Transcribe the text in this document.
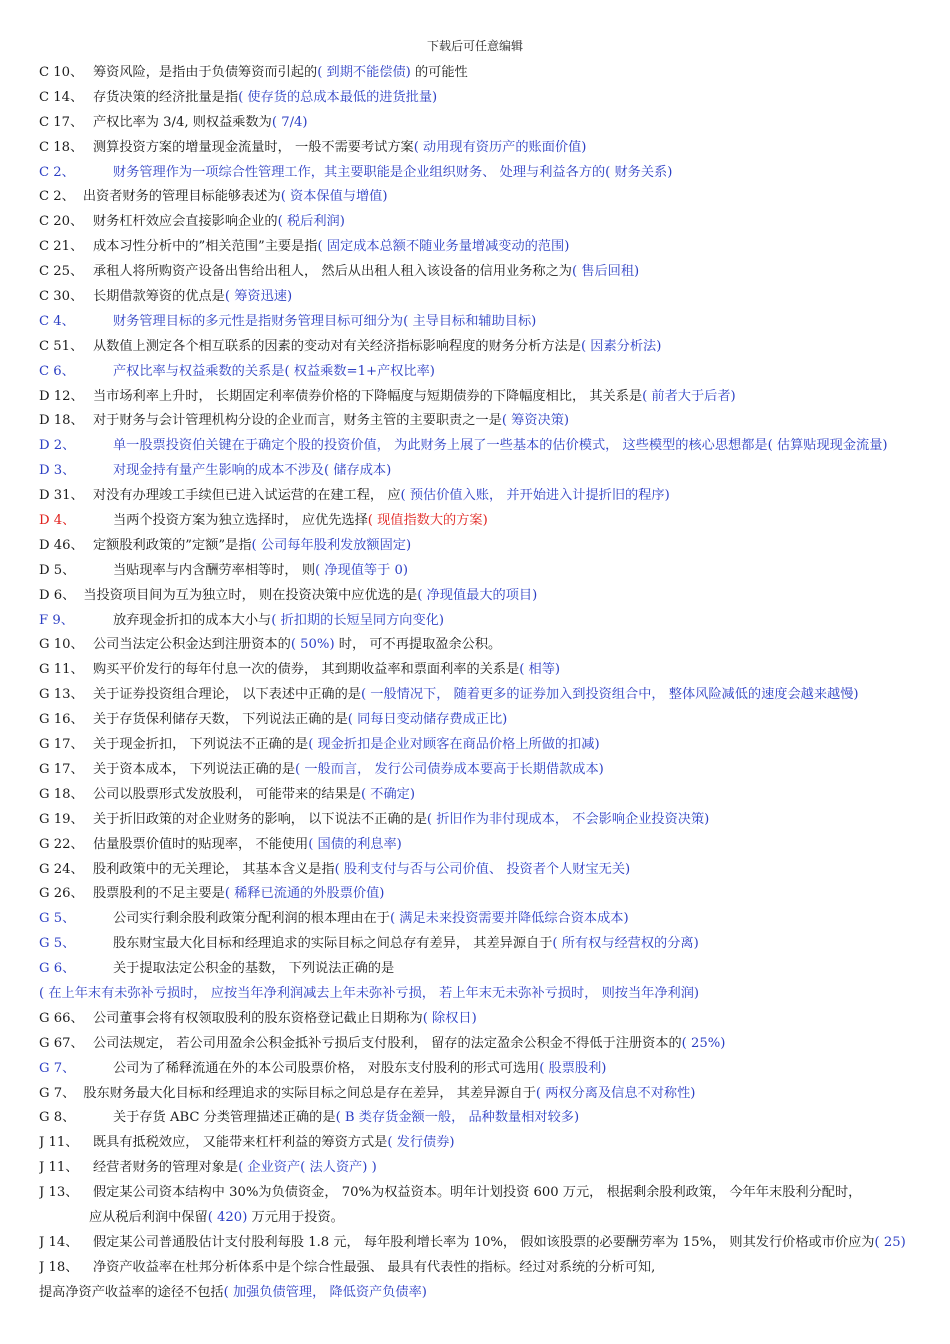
下载后可任意编辑
C 10、 筹资风险，是指由于负债筹资而引起的( 到期不能偿债) 的可能性
C 14、 存货决策的经济批量是指( 使存货的总成本最低的进货批量)
C 17、 产权比率为 3/4, 则权益乘数为( 7/4)
C 18、 测算投资方案的增量现金流量时， 一般不需要考试方案( 动用现有资历产的账面价值)
C 2、	财务管理作为一项综合性管理工作，其主要职能是企业组织财务、 处理与利益各方的( 财务关系)
C 2、 出资者财务的管理目标能够表述为( 资本保值与增值)
C 20、 财务杠杆效应会直接影响企业的( 税后利润)
C 21、 成本习性分析中的”相关范围”主要是指( 固定成本总额不随业务量增减变动的范围)
C 25、 承租人将所购资产设备出售给出租人， 然后从出租人租入该设备的信用业务称之为( 售后回租)
C 30、 长期借款筹资的优点是( 筹资迅速)
C 4、	财务管理目标的多元性是指财务管理目标可细分为( 主导目标和辅助目标)
C 51、 从数值上测定各个相互联系的因素的变动对有关经济指标影响程度的财务分析方法是( 因素分析法)
C 6、	产权比率与权益乘数的关系是( 权益乘数=1+产权比率)
D 12、 当市场利率上升时， 长期固定利率债券价格的下降幅度与短期债券的下降幅度相比， 其关系是( 前者大于后者)
D 18、 对于财务与会计管理机构分设的企业而言，财务主管的主要职责之一是( 筹资决策)
D 2、	单一股票投资伯关键在于确定个股的投资价值， 为此财务上展了一些基本的估价模式， 这些模型的核心思想都是( 估算贴现现金流量)
D 3、	对现金持有量产生影响的成本不涉及( 储存成本)
D 31、 对没有办理竣工手续但已进入试运营的在建工程， 应( 预估价值入账， 并开始进入计提折旧的程序)
D 4、	当两个投资方案为独立选择时， 应优先选择( 现值指数大的方案)
D 46、 定额股利政策的”定额”是指( 公司每年股利发放额固定)
D 5、	当贴现率与内含酬劳率相等时， 则( 净现值等于 0)
D 6、 当投资项目间为互为独立时， 则在投资决策中应优选的是( 净现值最大的项目)
F 9、	放弃现金折扣的成本大小与( 折扣期的长短呈同方向变化)
G 10、 公司当法定公积金达到注册资本的( 50%) 时， 可不再提取盈余公积。
G 11、 购买平价发行的每年付息一次的债券， 其到期收益率和票面利率的关系是( 相等)
G 13、 关于证券投资组合理论， 以下表述中正确的是( 一般情况下， 随着更多的证券加入到投资组合中， 整体风险减低的速度会越来越慢)
G 16、 关于存货保利储存天数， 下列说法正确的是( 同每日变动储存费成正比)
G 17、 关于现金折扣， 下列说法不正确的是( 现金折扣是企业对顾客在商品价格上所做的扣减)
G 17、 关于资本成本， 下列说法正确的是( 一般而言， 发行公司债券成本要高于长期借款成本)
G 18、 公司以股票形式发放股利， 可能带来的结果是( 不确定)
G 19、 关于折旧政策的对企业财务的影响， 以下说法不正确的是( 折旧作为非付现成本， 不会影响企业投资决策)
G 22、 估量股票价值时的贴现率， 不能使用( 国债的利息率)
G 24、 股利政策中的无关理论， 其基本含义是指( 股利支付与否与公司价值、 投资者个人财宝无关)
G 26、 股票股利的不足主要是( 稀释已流通的外股票价值)
G 5、	公司实行剩余股利政策分配利润的根本理由在于( 满足未来投资需要并降低综合资本成本)
G 5、	股东财宝最大化目标和经理追求的实际目标之间总存有差异， 其差异源自于( 所有权与经营权的分离)
G 6、	关于提取法定公积金的基数， 下列说法正确的是
( 在上年末有未弥补亏损时， 应按当年净利润减去上年未弥补亏损， 若上年末无未弥补亏损时， 则按当年净利润)
G 66、 公司董事会将有权领取股利的股东资格登记截止日期称为( 除权日)
G 67、 公司法规定， 若公司用盈余公积金抵补亏损后支付股利， 留存的法定盈余公积金不得低于注册资本的( 25%)
G 7、	公司为了稀释流通在外的本公司股票价格， 对股东支付股利的形式可选用( 股票股利)
G 7、 股东财务最大化目标和经理追求的实际目标之间总是存在差异， 其差异源自于( 两权分离及信息不对称性)
G 8、	关于存货 ABC 分类管理描述正确的是( B 类存货金额一般， 品种数量相对较多)
J 11、 既具有抵税效应， 又能带来杠杆利益的筹资方式是( 发行债券)
J 11、 经营者财务的管理对象是( 企业资产( 法人资产) )
J 13、 假定某公司资本结构中 30%为负债资金， 70%为权益资本。明年计划投资 600 万元， 根据剩余股利政策， 今年年末股利分配时，
应从税后利润中保留( 420) 万元用于投资。
J 14、 假定某公司普通股估计支付股利每股 1.8 元， 每年股利增长率为 10%， 假如该股票的必要酬劳率为 15%， 则其发行价格或市价应为( 25)
J 18、 净资产收益率在杜邦分析体系中是个综合性最强、 最具有代表性的指标。经过对系统的分析可知,
提高净资产收益率的途径不包括( 加强负债管理， 降低资产负债率)
